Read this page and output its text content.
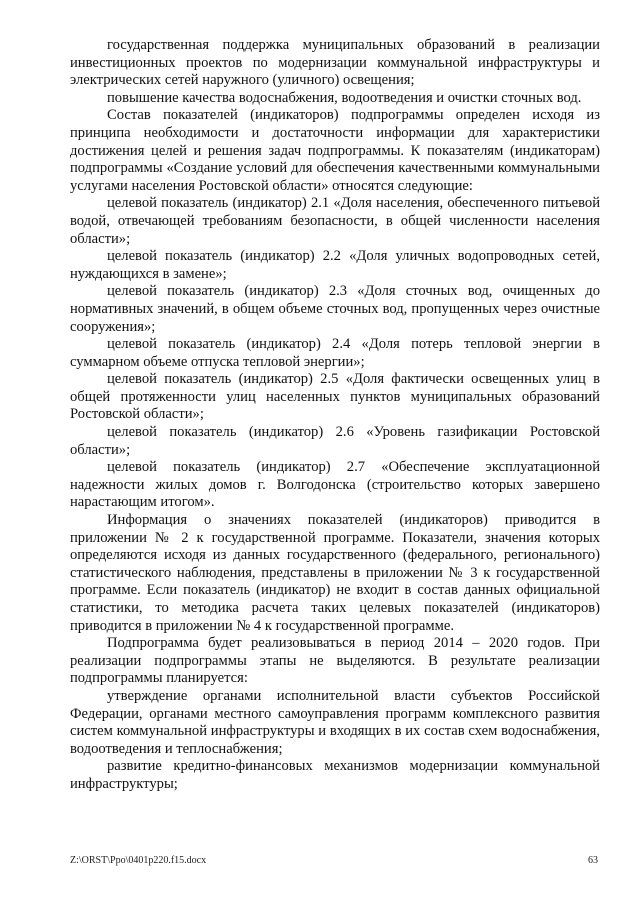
государственная поддержка муниципальных образований в реализации инвестиционных проектов по модернизации коммунальной инфраструктуры и электрических сетей наружного (уличного) освещения;

повышение качества водоснабжения, водоотведения и очистки сточных вод.

Состав показателей (индикаторов) подпрограммы определен исходя из принципа необходимости и достаточности информации для характеристики достижения целей и решения задач подпрограммы. К показателям (индикаторам) подпрограммы «Создание условий для обеспечения качественными коммунальными услугами населения Ростовской области» относятся следующие:

целевой показатель (индикатор) 2.1 «Доля населения, обеспеченного питьевой водой, отвечающей требованиям безопасности, в общей численности населения области»;

целевой показатель (индикатор) 2.2 «Доля уличных водопроводных сетей, нуждающихся в замене»;

целевой показатель (индикатор) 2.3 «Доля сточных вод, очищенных до нормативных значений, в общем объеме сточных вод, пропущенных через очистные сооружения»;

целевой показатель (индикатор) 2.4 «Доля потерь тепловой энергии в суммарном объеме отпуска тепловой энергии»;

целевой показатель (индикатор) 2.5 «Доля фактически освещенных улиц в общей протяженности улиц населенных пунктов муниципальных образований Ростовской области»;

целевой показатель (индикатор) 2.6 «Уровень газификации Ростовской области»;

целевой показатель (индикатор) 2.7 «Обеспечение эксплуатационной надежности жилых домов г. Волгодонска (строительство которых завершено нарастающим итогом».

Информация о значениях показателей (индикаторов) приводится в приложении № 2 к государственной программе. Показатели, значения которых определяются исходя из данных государственного (федерального, регионального) статистического наблюдения, представлены в приложении № 3 к государственной программе. Если показатель (индикатор) не входит в состав данных официальной статистики, то методика расчета таких целевых показателей (индикаторов) приводится в приложении № 4 к государственной программе.

Подпрограмма будет реализовываться в период 2014 – 2020 годов. При реализации подпрограммы этапы не выделяются. В результате реализации подпрограммы планируется:

утверждение органами исполнительной власти субъектов Российской Федерации, органами местного самоуправления программ комплексного развития систем коммунальной инфраструктуры и входящих в их состав схем водоснабжения, водоотведения и теплоснабжения;

развитие кредитно-финансовых механизмов модернизации коммунальной инфраструктуры;

Z:\ORST\Ppo\0401p220.f15.docx	63
